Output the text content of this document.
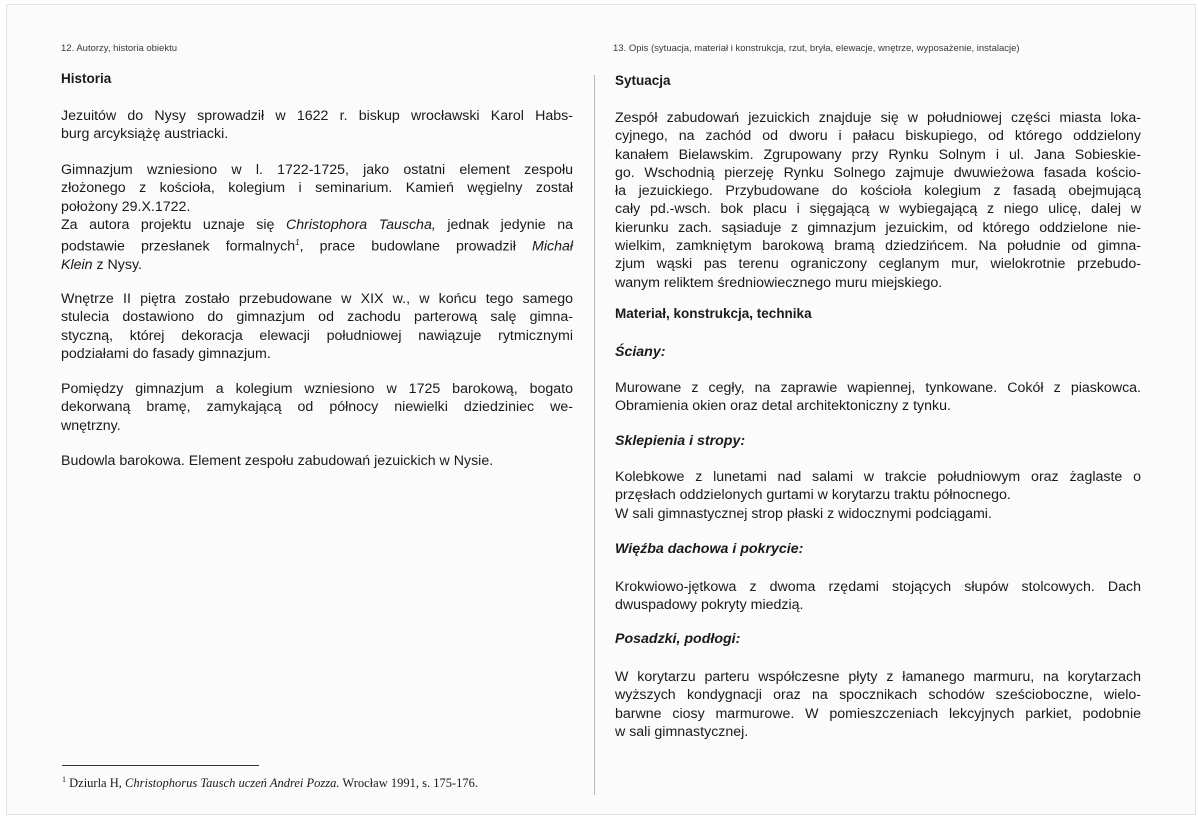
12. Autorzy, historia obiektu
Historia
Jezuitów do Nysy sprowadził w 1622 r. biskup wrocławski Karol Habs-
burg arcyksiążę austriacki.
Gimnazjum wzniesiono w l. 1722-1725, jako ostatni element zespołu
złożonego z kościoła, kolegium i seminarium. Kamień węgielny został
położony 29.X.1722.
Za autora projektu uznaje się Christophora Tauscha, jednak jedynie na
podstawie przesłanek formalnych$^1$, prace budowlane prowadził Michał
Klein z Nysy.
Wnętrze II piętra zostało przebudowane w XIX w., w końcu tego samego
stulecia dostawiono do gimnazjum od zachodu parterową salę gimna-
styczną, której dekoracja elewacji południowej nawiązuje rytmicznymi
podziałami do fasady gimnazjum.
Pomiędzy gimnazjum a kolegium wzniesiono w 1725 barokową, bogato
dekorwaną bramę, zamykającą od północy niewielki dziedziniec we-
wnętrzny.
Budowla barokowa. Element zespołu zabudowań jezuickich w Nysie.
$^1$ Dziurla H, Christophorus Tausch uczeń Andrei Pozza. Wrocław 1991, s. 175-176.
13. Opis (sytuacja, materiał i konstrukcja, rzut, bryła, elewacje, wnętrze, wyposażenie, instalacje)
Sytuacja
Zespół zabudowań jezuickich znajduje się w południowej części miasta loka-
cyjnego, na zachód od dworu i pałacu biskupiego, od którego oddzielony
kanałem Bielawskim. Zgrupowany przy Rynku Solnym i ul. Jana Sobieskie-
go. Wschodnią pierzeję Rynku Solnego zajmuje dwuwieżowa fasada kościo-
ła jezuickiego. Przybudowane do kościoła kolegium z fasadą obejmującą
cały pd.-wsch. bok placu i sięgającą w wybiegającą z niego ulicę, dalej w
kierunku zach. sąsiaduje z gimnazjum jezuickim, od którego oddzielone nie-
wielkim, zamkniętym barokową bramą dziedzińcem. Na południe od gimna-
zjum wąski pas terenu ograniczony ceglanym mur, wielokrotnie przebudo-
wanym reliktem średniowiecznego muru miejskiego.
Materiał, konstrukcja, technika
Ściany:
Murowane z cegły, na zaprawie wapiennej, tynkowane. Cokół z piaskowca.
Obramienia okien oraz detal architektoniczny z tynku.
Sklepienia i stropy:
Kolebkowe z lunetami nad salami w trakcie południowym oraz żaglaste o
przęsłach oddzielonych gurtami w korytarzu traktu północnego.
W sali gimnastycznej strop płaski z widocznymi podciągami.
Więźba dachowa i pokrycie:
Krokwiowo-jętkowa z dwoma rzędami stojących słupów stolcowych. Dach
dwuspadowy pokryty miedzią.
Posadzki, podłogi:
W korytarzu parteru współczesne płyty z łamanego marmuru, na korytarzach
wyższych kondygnacji oraz na spocznikach schodów sześcioboczne, wielo-
barwne ciosy marmurowe. W pomieszczeniach lekcyjnych parkiet, podobnie
w sali gimnastycznej.
